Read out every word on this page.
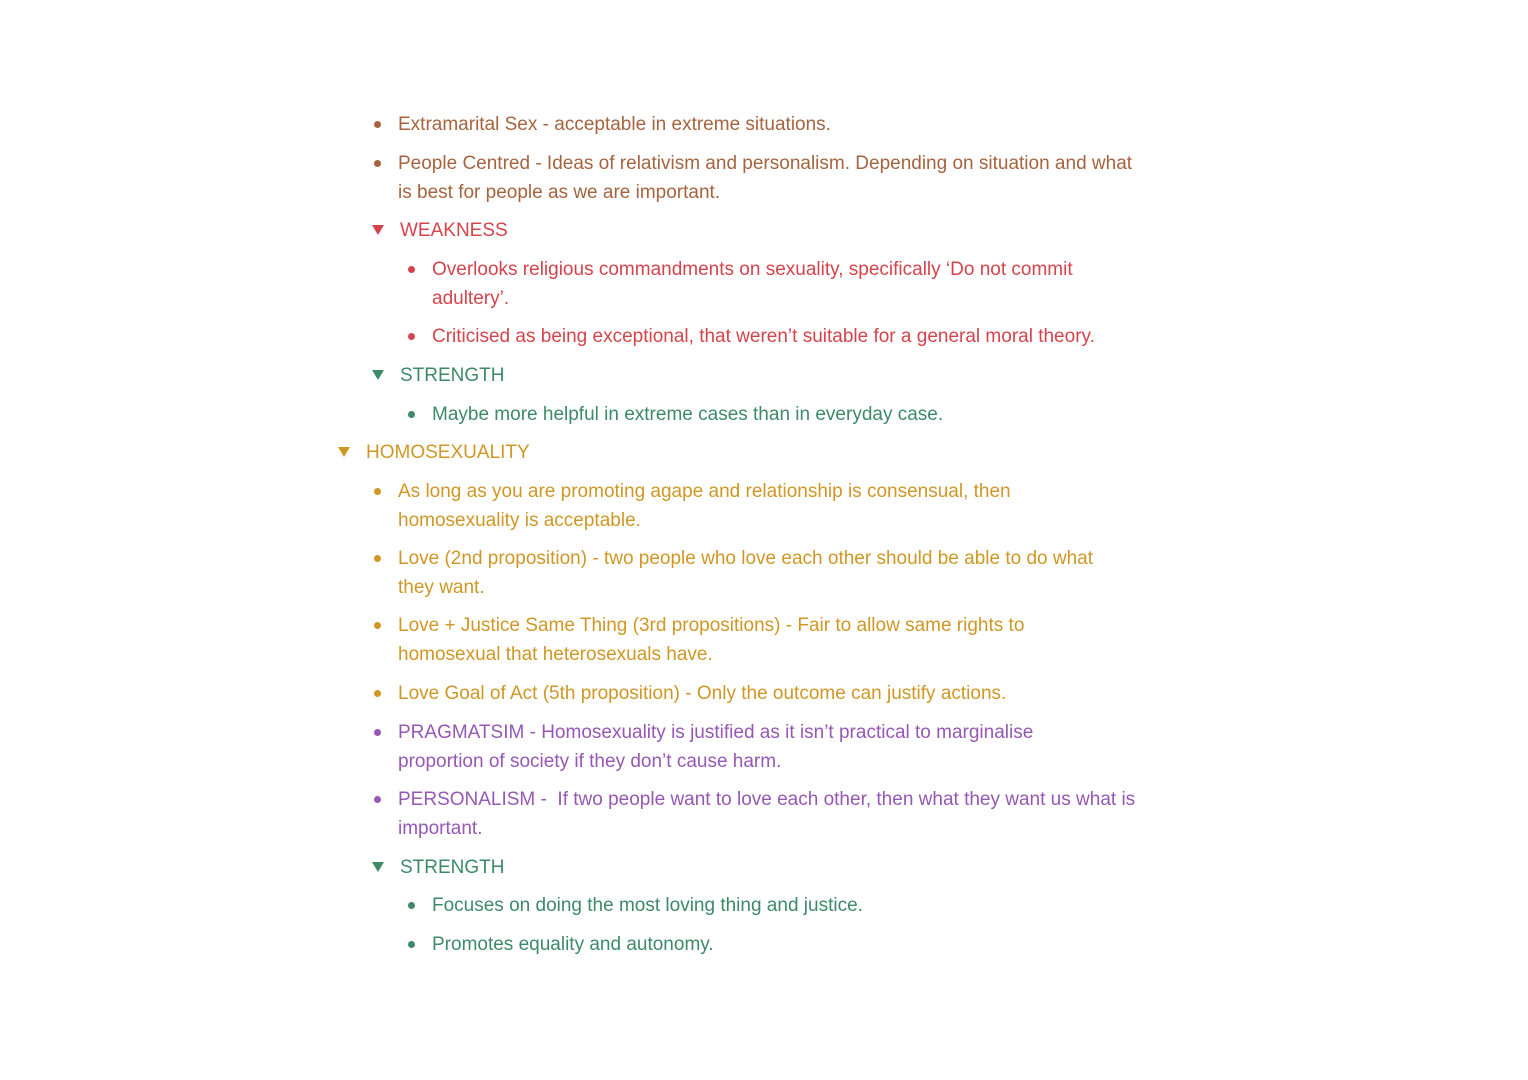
Extramarital Sex - acceptable in extreme situations.
People Centred - Ideas of relativism and personalism. Depending on situation and what is best for people as we are important.
WEAKNESS
Overlooks religious commandments on sexuality, specifically ‘Do not commit adultery’.
Criticised as being exceptional, that weren’t suitable for a general moral theory.
STRENGTH
Maybe more helpful in extreme cases than in everyday case.
HOMOSEXUALITY
As long as you are promoting agape and relationship is consensual, then homosexuality is acceptable.
Love (2nd proposition) - two people who love each other should be able to do what they want.
Love + Justice Same Thing (3rd propositions) - Fair to allow same rights to homosexual that heterosexuals have.
Love Goal of Act (5th proposition) - Only the outcome can justify actions.
PRAGMATSIM - Homosexuality is justified as it isn’t practical to marginalise proportion of society if they don’t cause harm.
PERSONALISM -  If two people want to love each other, then what they want us what is important.
STRENGTH
Focuses on doing the most loving thing and justice.
Promotes equality and autonomy.
